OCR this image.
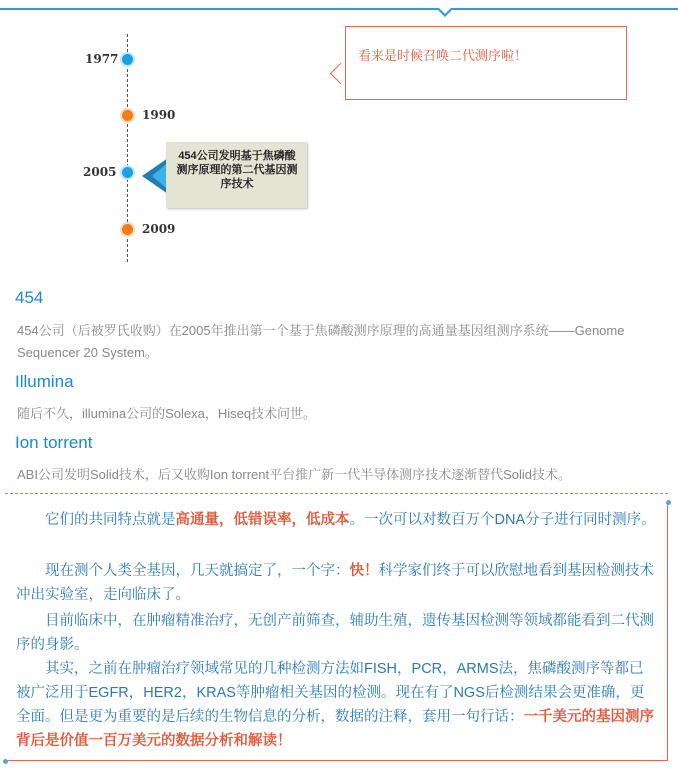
1977
1990
2005
454公司发明基于焦磷酸测序原理的第二代基因测序技术
2009
看来是时候召唤二代测序啦！
454
454公司（后被罗氏收购）在2005年推出第一个基于焦磷酸测序原理的高通量基因组测序系统——Genome Sequencer 20 System。
Illumina
随后不久，illumina公司的Solexa，Hiseq技术问世。
Ion torrent
ABI公司发明Solid技术，后又收购Ion torrent平台推广新一代半导体测序技术逐渐替代Solid技术。
它们的共同特点就是高通量，低错误率，低成本。一次可以对数百万个DNA分子进行同时测序。
现在测个人类全基因，几天就搞定了，一个字：快！科学家们终于可以欣慰地看到基因检测技术冲出实验室，走向临床了。
目前临床中，在肿瘤精准治疗，无创产前筛查，辅助生殖，遗传基因检测等领域都能看到二代测序的身影。
其实，之前在肿瘤治疗领域常见的几种检测方法如FISH，PCR，ARMS法，焦磷酸测序等都已被广泛用于EGFR，HER2，KRAS等肿瘤相关基因的检测。现在有了NGS后检测结果会更准确，更全面。但是更为重要的是后续的生物信息的分析，数据的注释，套用一句行话：一千美元的基因测序背后是价值一百万美元的数据分析和解读！
